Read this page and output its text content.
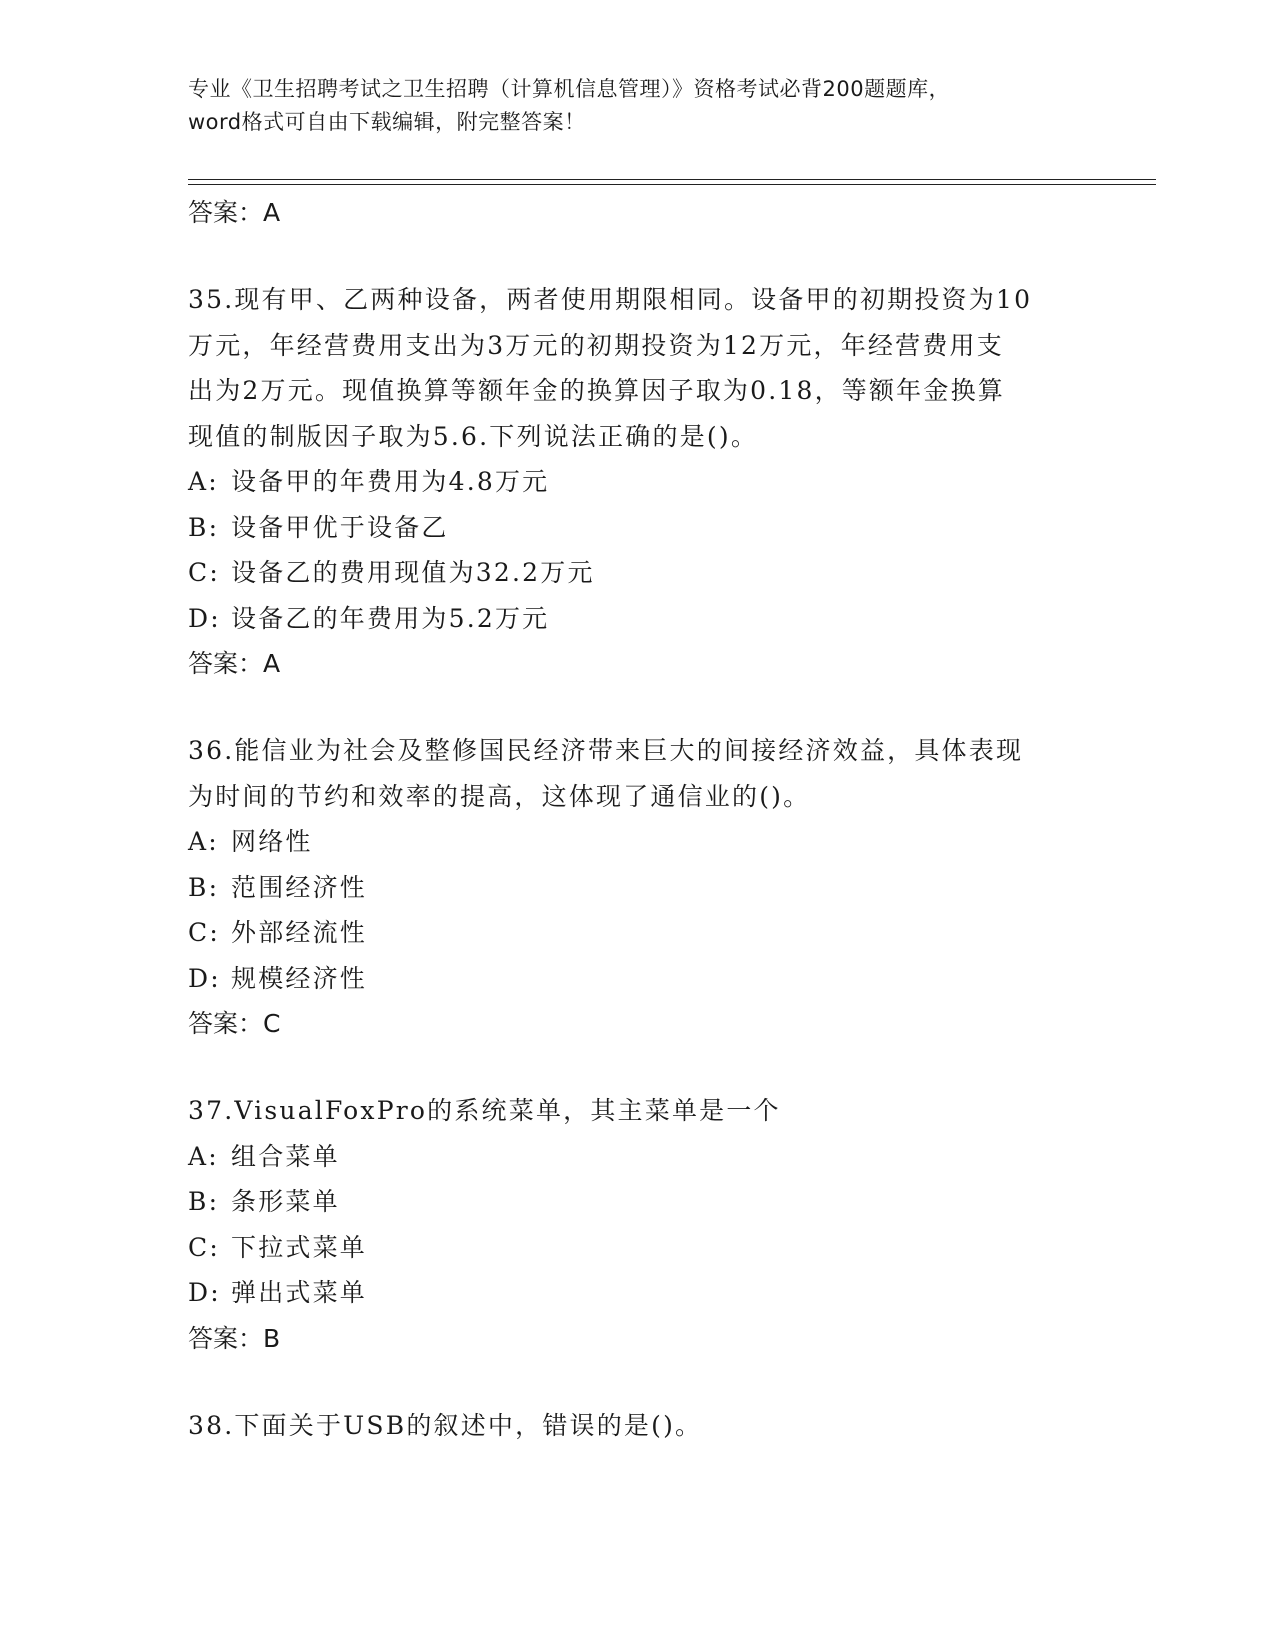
专业《卫生招聘考试之卫生招聘（计算机信息管理）》资格考试必背200题题库，
word格式可自由下载编辑，附完整答案！
答案：A
35.现有甲、乙两种设备，两者使用期限相同。设备甲的初期投资为10
万元，年经营费用支出为3万元的初期投资为12万元，年经营费用支
出为2万元。现值换算等额年金的换算因子取为0.18，等额年金换算
现值的制版因子取为5.6.下列说法正确的是()。
A: 设备甲的年费用为4.8万元
B: 设备甲优于设备乙
C: 设备乙的费用现值为32.2万元
D: 设备乙的年费用为5.2万元
答案：A
36.能信业为社会及整修国民经济带来巨大的间接经济效益，具体表现
为时间的节约和效率的提高，这体现了通信业的()。
A: 网络性
B: 范围经济性
C: 外部经流性
D: 规模经济性
答案：C
37.VisualFoxPro的系统菜单，其主菜单是一个
A: 组合菜单
B: 条形菜单
C: 下拉式菜单
D: 弹出式菜单
答案：B
38.下面关于USB的叙述中，错误的是()。
